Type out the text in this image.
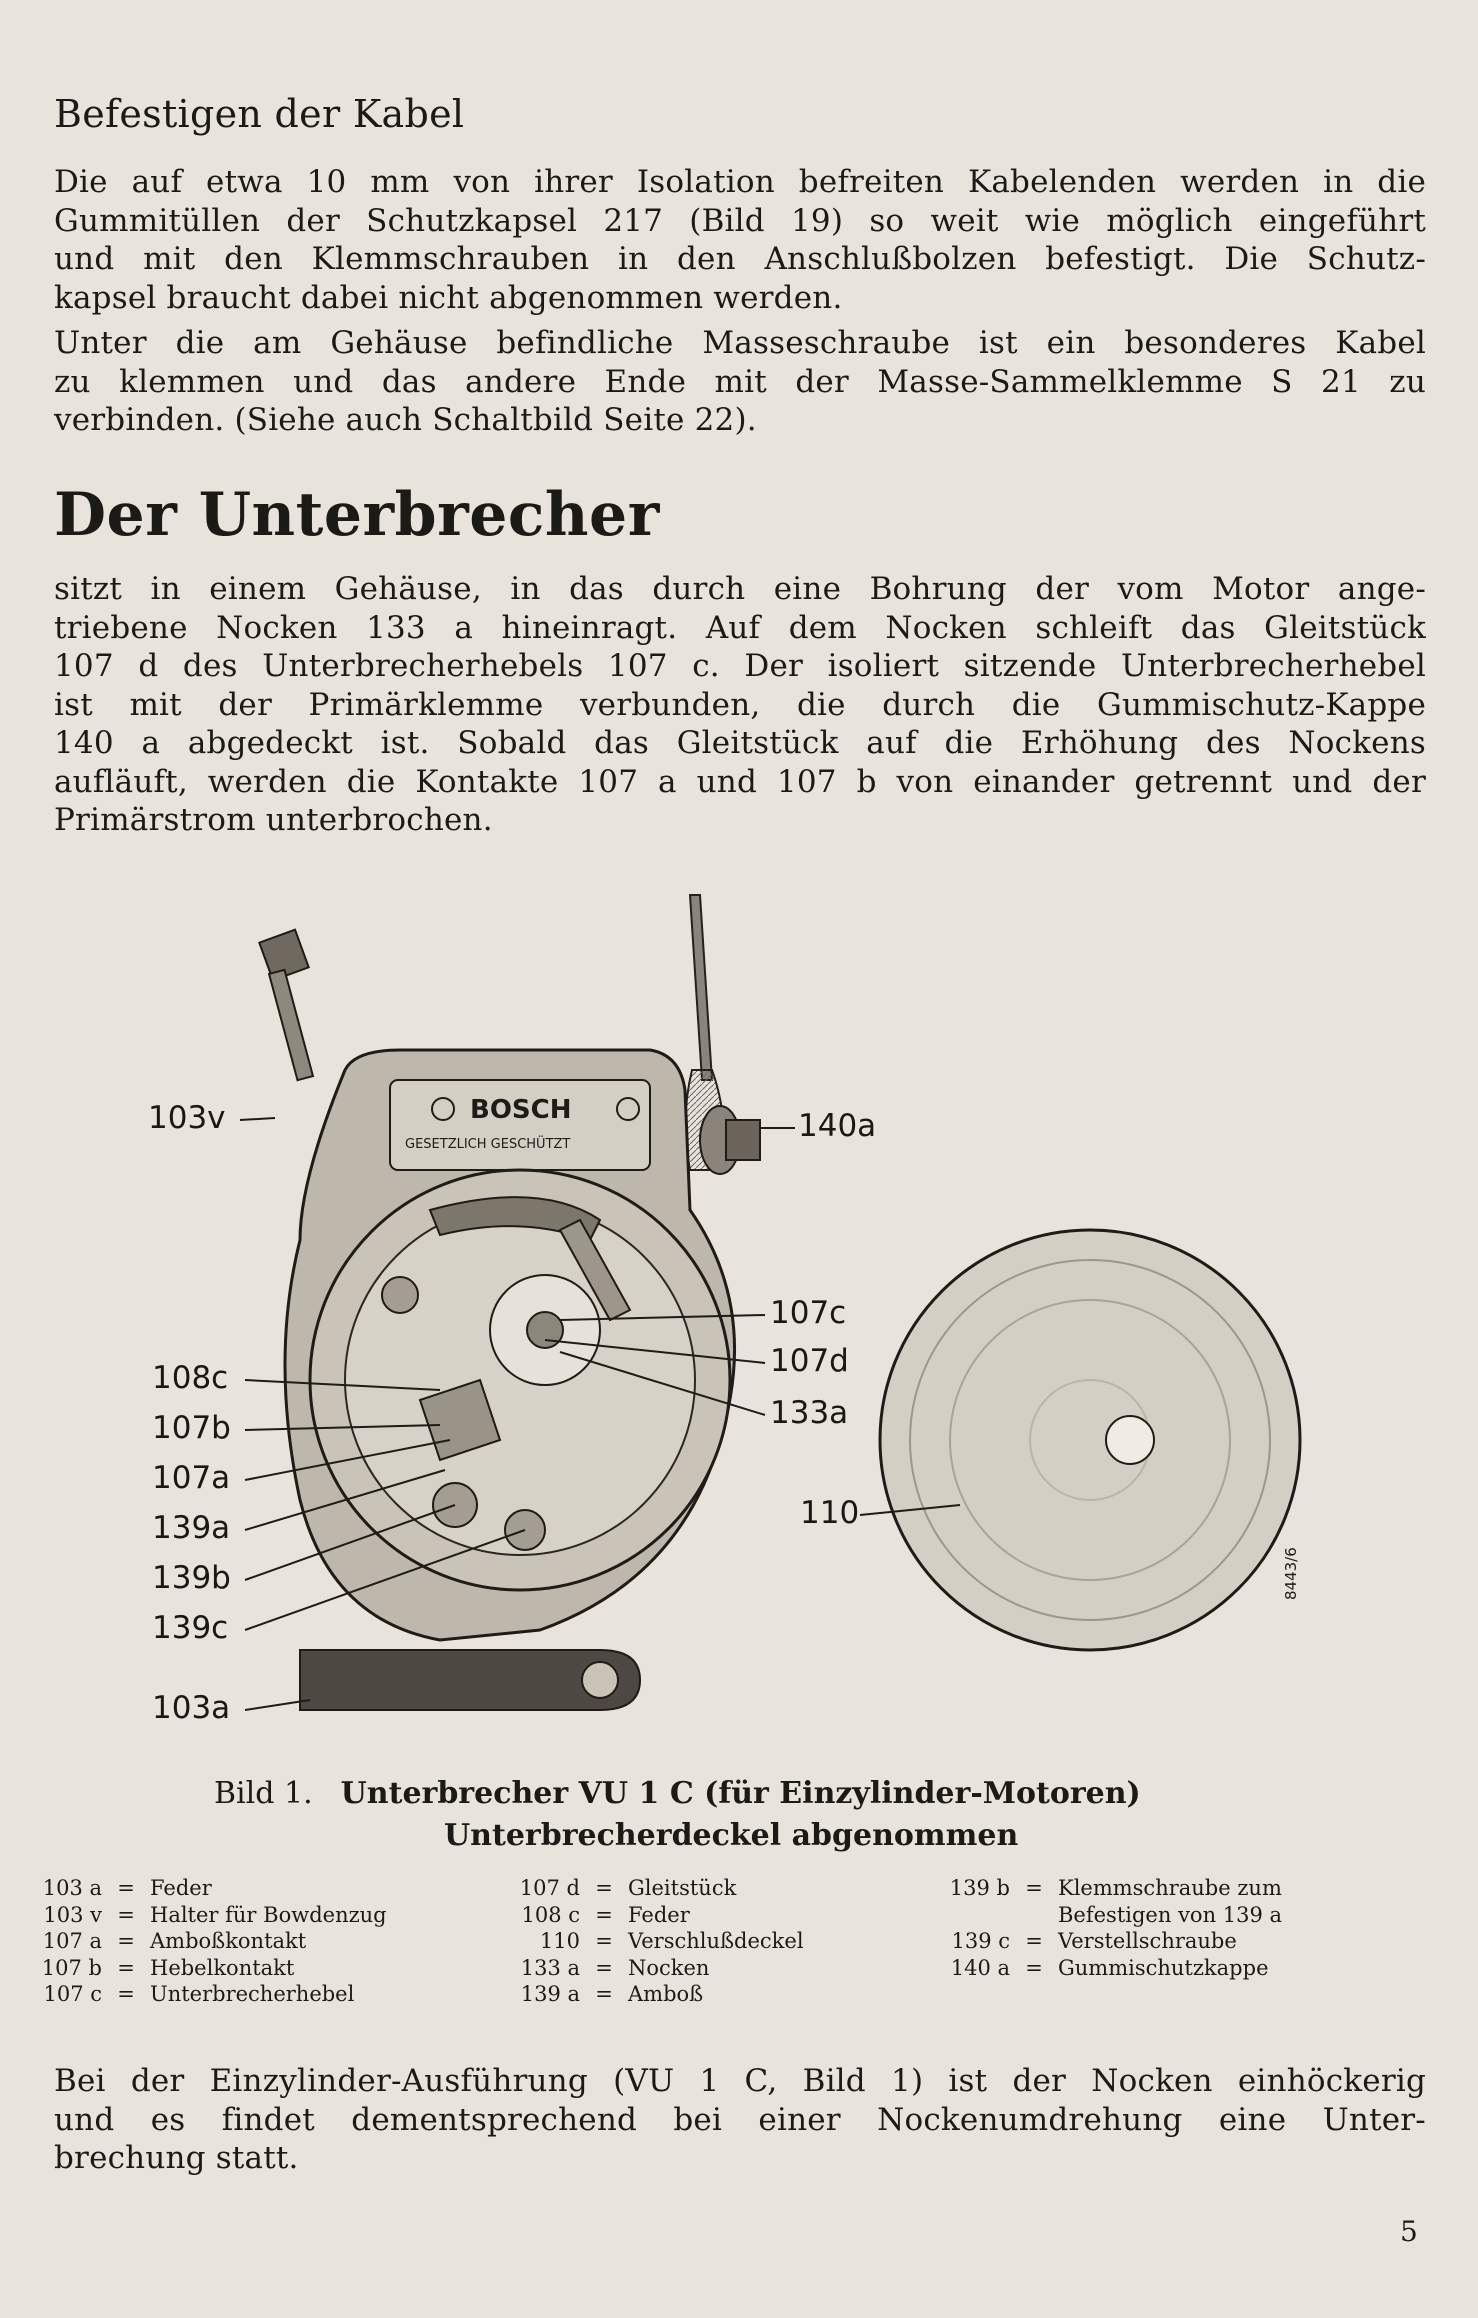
Befestigen der Kabel

Die auf etwa 10 mm von ihrer Isolation befreiten Kabelenden werden in die
Gummitüllen der Schutzkapsel 217 (Bild 19) so weit wie möglich eingeführt
und mit den Klemmschrauben in den Anschlußbolzen befestigt. Die Schutz-
kapsel braucht dabei nicht abgenommen werden.

Unter die am Gehäuse befindliche Masseschraube ist ein besonderes Kabel
zu klemmen und das andere Ende mit der Masse-Sammelklemme S 21 zu
verbinden. (Siehe auch Schaltbild Seite 22).

Der Unterbrecher

sitzt in einem Gehäuse, in das durch eine Bohrung der vom Motor ange-
triebene Nocken 133 a hineinragt. Auf dem Nocken schleift das Gleitstück
107 d des Unterbrecherhebels 107 c. Der isoliert sitzende Unterbrecherhebel
ist mit der Primärklemme verbunden, die durch die Gummischutz-Kappe
140 a abgedeckt ist. Sobald das Gleitstück auf die Erhöhung des Nockens
aufläuft, werden die Kontakte 107 a und 107 b von einander getrennt und der
Primärstrom unterbrochen.

BOSCH
GESETZLICH GESCHÜTZT
8443/6
103v	140a
107c
107d
133a
108c
107b
107a
139a
139b
139c
103a
110

Bild 1. Unterbrecher VU 1 C (für Einzylinder-Motoren)

Unterbrecherdeckel abgenommen

103 a = Feder
103 v = Halter für Bowdenzug
107 a = Amboßkontakt
107 b = Hebelkontakt
107 c = Unterbrecherhebel
107 d = Gleitstück
108 c = Feder
110 = Verschlußdeckel
133 a = Nocken
139 a = Amboß
139 b = Klemmschraube zum
Befestigen von 139 a
139 c = Verstellschraube
140 a = Gummischutzkappe

Bei der Einzylinder-Ausführung (VU 1 C, Bild 1) ist der Nocken einhöckerig
und es findet dementsprechend bei einer Nockenumdrehung eine Unter-
brechung statt.

5
